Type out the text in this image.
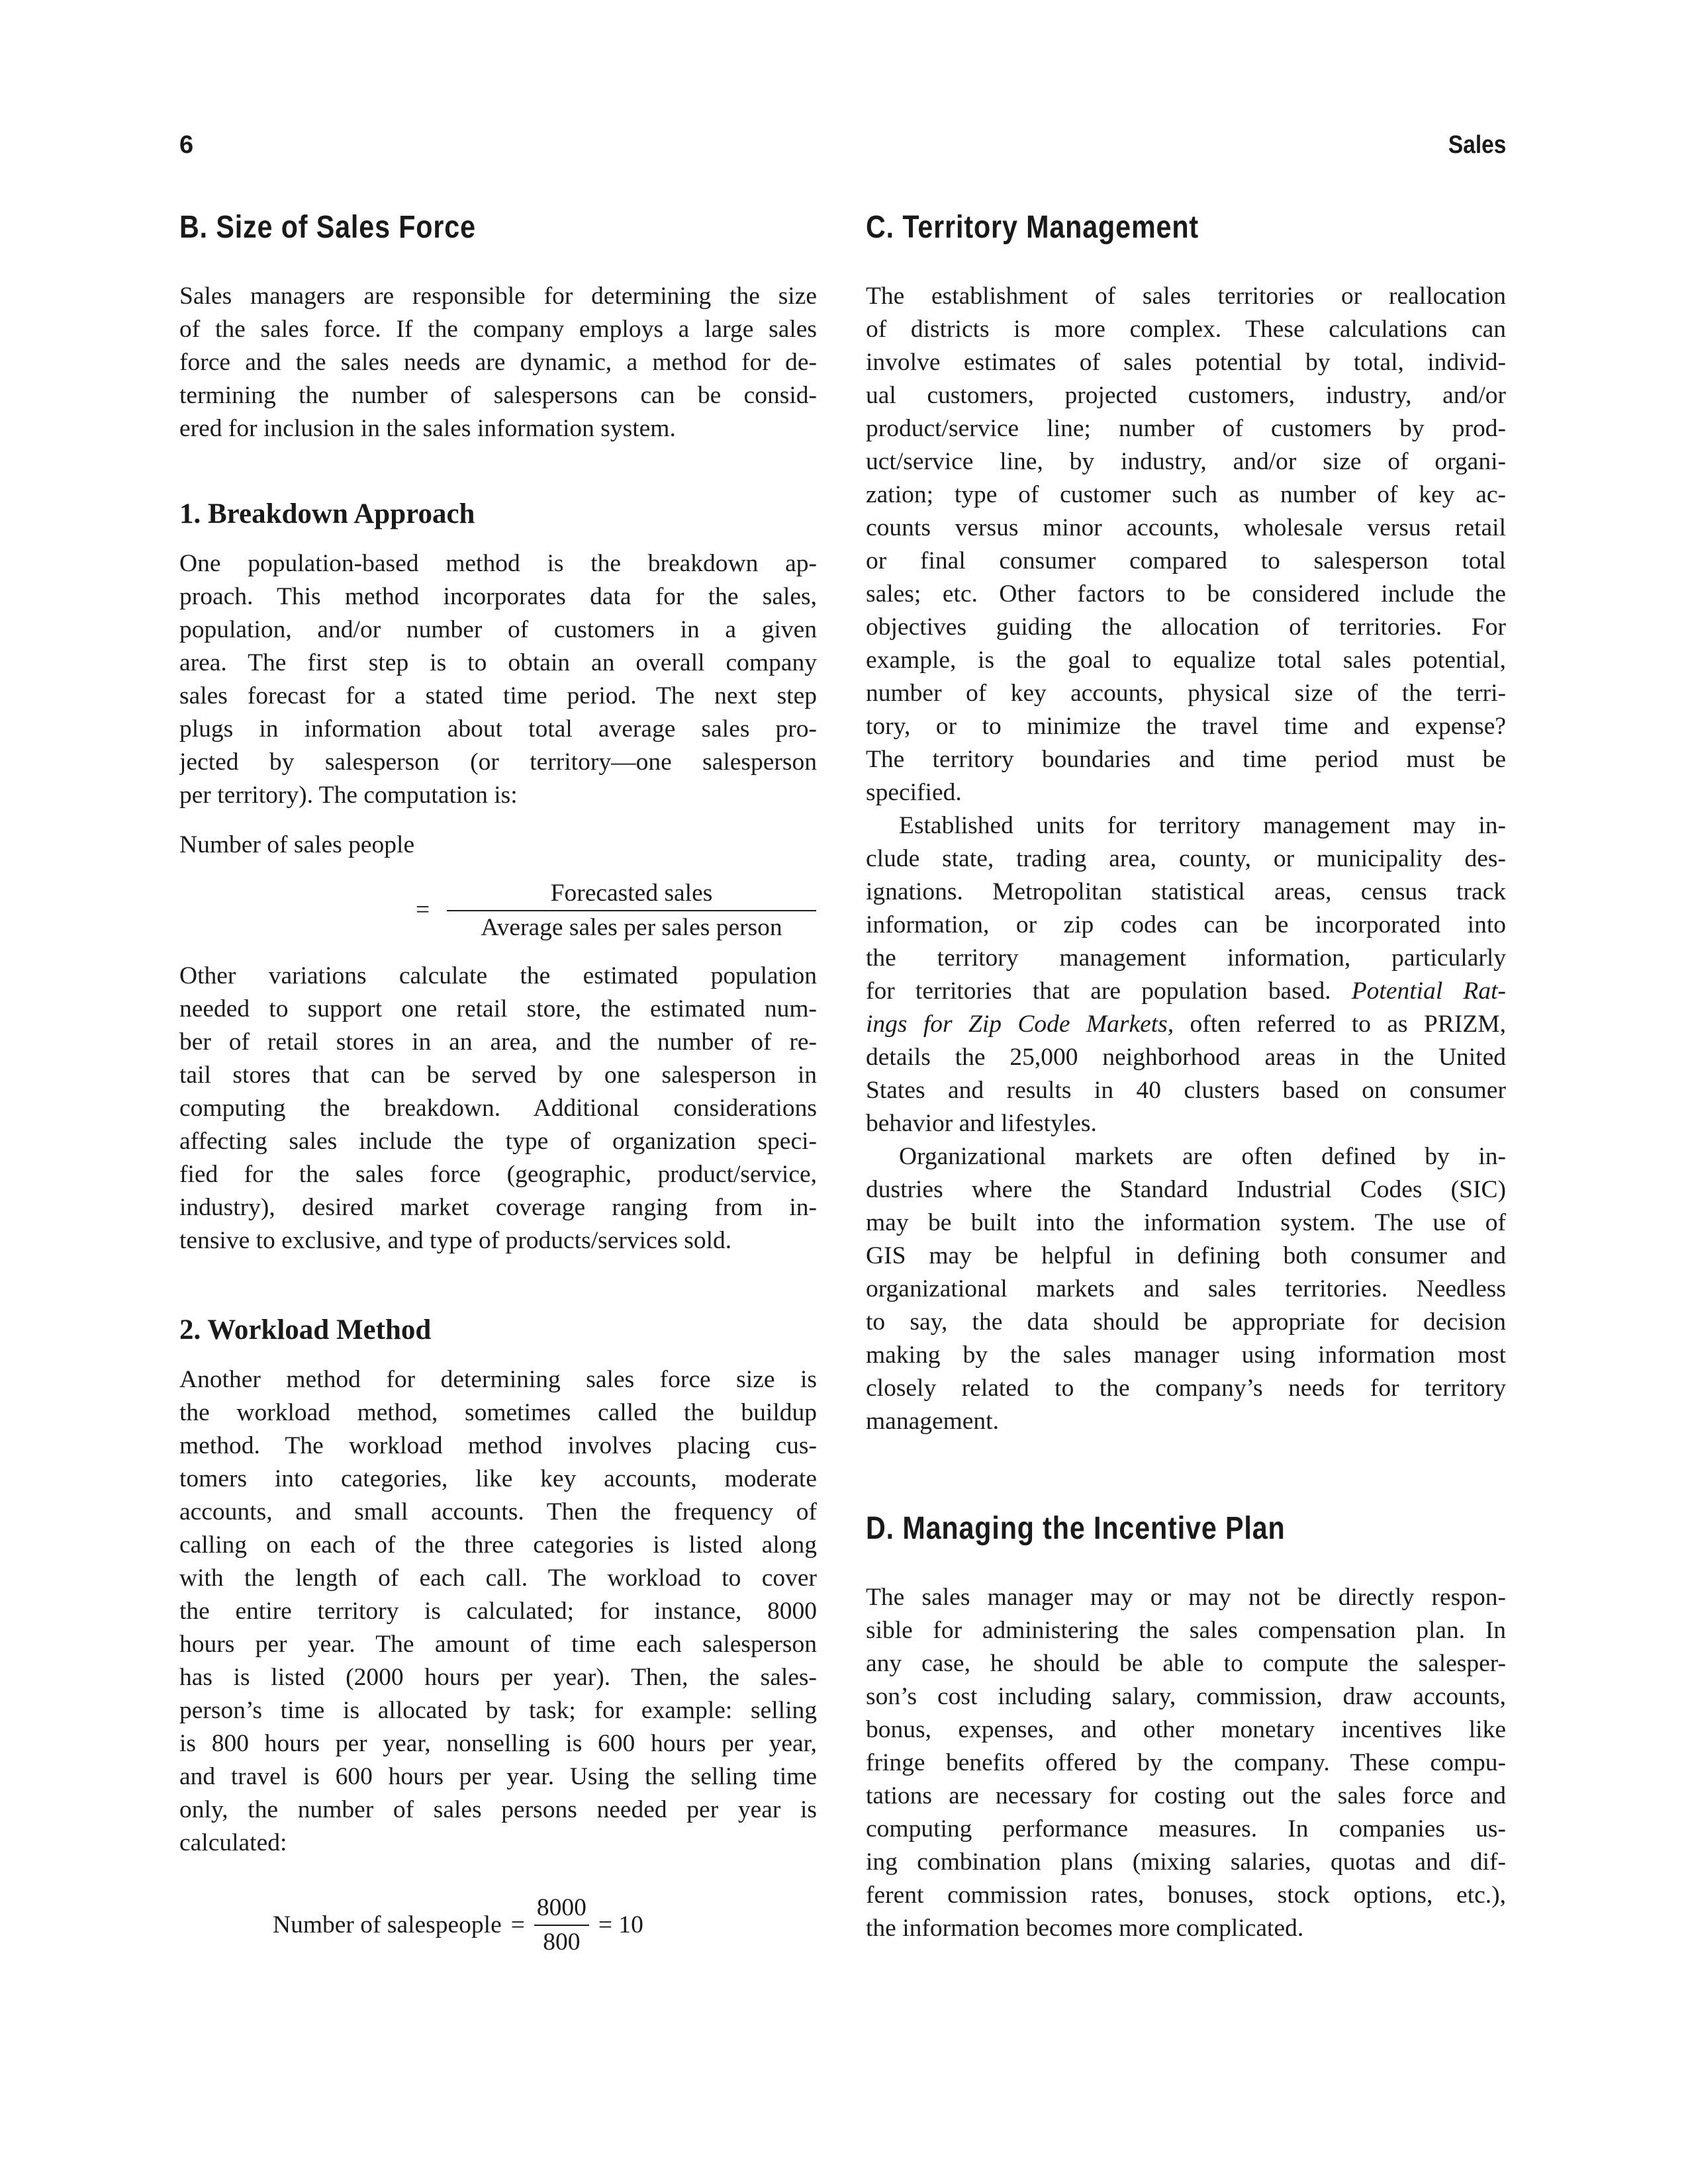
6	Sales
B. Size of Sales Force
Sales managers are responsible for determining the size
of the sales force. If the company employs a large sales
force and the sales needs are dynamic, a method for de-
termining the number of salespersons can be consid-
ered for inclusion in the sales information system.
1. Breakdown Approach
One population-based method is the breakdown ap-
proach. This method incorporates data for the sales,
population, and/or number of customers in a given
area. The first step is to obtain an overall company
sales forecast for a stated time period. The next step
plugs in information about total average sales pro-
jected by salesperson (or territory—one salesperson
per territory). The computation is:
Number of sales people
=
Forecasted sales
Average sales per sales person
Other variations calculate the estimated population
needed to support one retail store, the estimated num-
ber of retail stores in an area, and the number of re-
tail stores that can be served by one salesperson in
computing the breakdown. Additional considerations
affecting sales include the type of organization speci-
fied for the sales force (geographic, product/service,
industry), desired market coverage ranging from in-
tensive to exclusive, and type of products/services sold.
2. Workload Method
Another method for determining sales force size is
the workload method, sometimes called the buildup
method. The workload method involves placing cus-
tomers into categories, like key accounts, moderate
accounts, and small accounts. Then the frequency of
calling on each of the three categories is listed along
with the length of each call. The workload to cover
the entire territory is calculated; for instance, 8000
hours per year. The amount of time each salesperson
has is listed (2000 hours per year). Then, the sales-
person’s time is allocated by task; for example: selling
is 800 hours per year, nonselling is 600 hours per year,
and travel is 600 hours per year. Using the selling time
only, the number of sales persons needed per year is
calculated:
Number of salespeople = $\frac{8000}{800} = 10$
C. Territory Management
The establishment of sales territories or reallocation
of districts is more complex. These calculations can
involve estimates of sales potential by total, individ-
ual customers, projected customers, industry, and/or
product/service line; number of customers by prod-
uct/service line, by industry, and/or size of organi-
zation; type of customer such as number of key ac-
counts versus minor accounts, wholesale versus retail
or final consumer compared to salesperson total
sales; etc. Other factors to be considered include the
objectives guiding the allocation of territories. For
example, is the goal to equalize total sales potential,
number of key accounts, physical size of the terri-
tory, or to minimize the travel time and expense?
The territory boundaries and time period must be
specified.
Established units for territory management may in-
clude state, trading area, county, or municipality des-
ignations. Metropolitan statistical areas, census track
information, or zip codes can be incorporated into
the territory management information, particularly
for territories that are population based. Potential Rat-
ings for Zip Code Markets, often referred to as PRIZM,
details the 25,000 neighborhood areas in the United
States and results in 40 clusters based on consumer
behavior and lifestyles.
Organizational markets are often defined by in-
dustries where the Standard Industrial Codes (SIC)
may be built into the information system. The use of
GIS may be helpful in defining both consumer and
organizational markets and sales territories. Needless
to say, the data should be appropriate for decision
making by the sales manager using information most
closely related to the company’s needs for territory
management.
D. Managing the Incentive Plan
The sales manager may or may not be directly respon-
sible for administering the sales compensation plan. In
any case, he should be able to compute the salesper-
son’s cost including salary, commission, draw accounts,
bonus, expenses, and other monetary incentives like
fringe benefits offered by the company. These compu-
tations are necessary for costing out the sales force and
computing performance measures. In companies us-
ing combination plans (mixing salaries, quotas and dif-
ferent commission rates, bonuses, stock options, etc.),
the information becomes more complicated.
